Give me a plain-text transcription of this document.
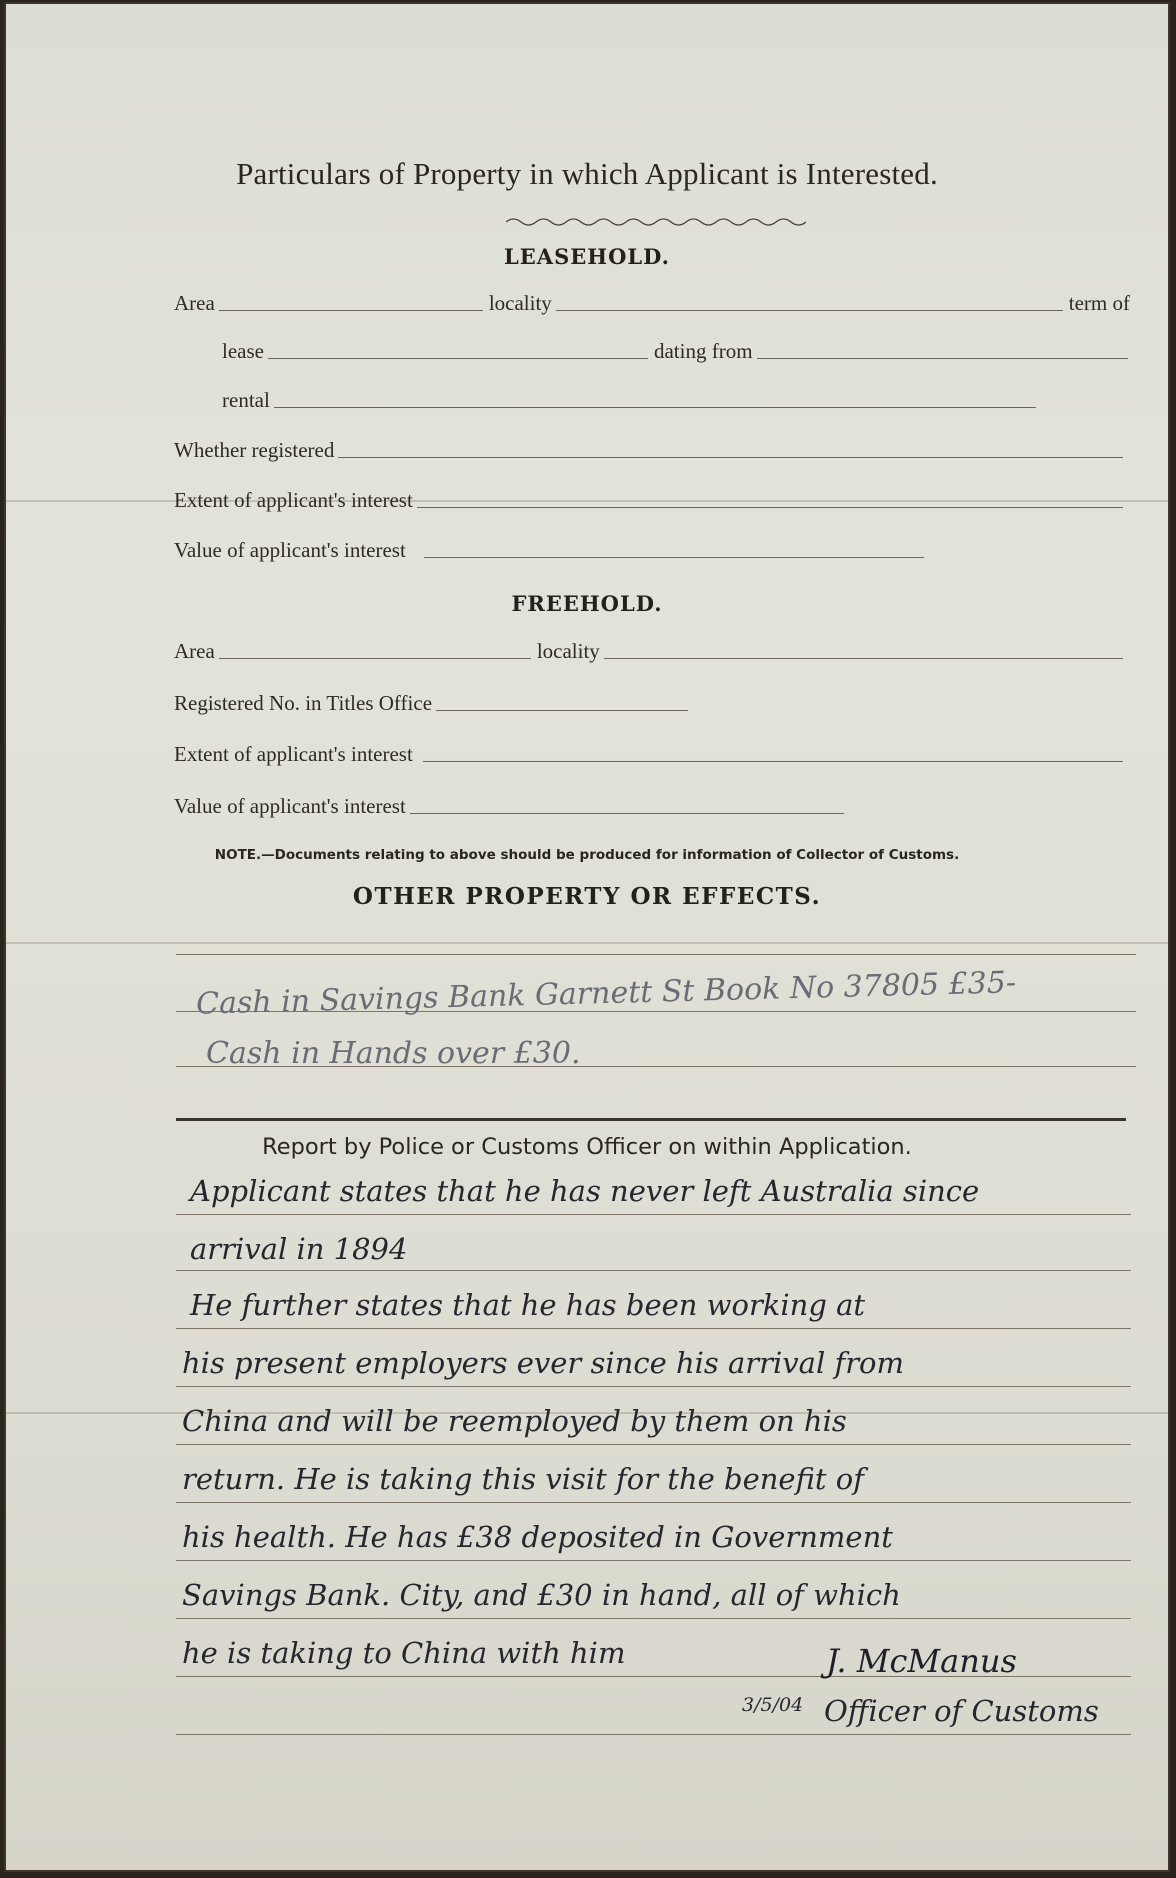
Particulars of Property in which Applicant is Interested.
LEASEHOLD.
Area	locality	term of
lease	dating from
rental
Whether registered
Extent of applicant's interest
Value of applicant's interest
FREEHOLD.
Area	locality
Registered No. in Titles Office
Extent of applicant's interest
Value of applicant's interest
NOTE.—Documents relating to above should be produced for information of Collector of Customs.
OTHER PROPERTY OR EFFECTS.
Cash in Savings Bank Garnett St Book No 37805 £35-
Cash in Hands over £30.
Report by Police or Customs Officer on within Application.
Applicant states that he has never left Australia since
arrival in 1894
He further states that he has been working at
his present employers ever since his arrival from
China and will be reemployed by them on his
return. He is taking this visit for the benefit of
his health. He has £38 deposited in Government
Savings Bank. City, and £30 in hand, all of which
he is taking to China with him	J. McManus
3/5/04 Officer of Customs
